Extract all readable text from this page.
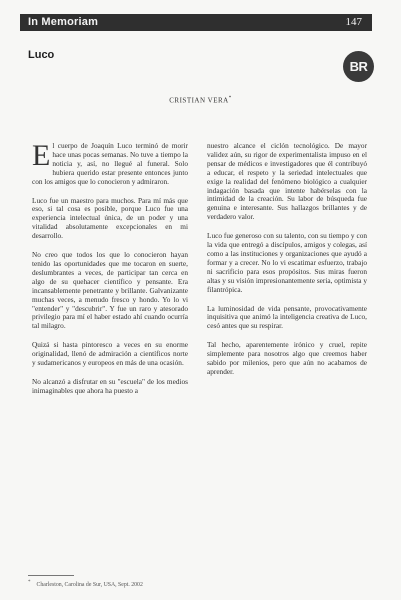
In Memoriam	147
Luco
BR
CRISTIAN VERA*

El cuerpo de Joaquín Luco terminó de morir hace unas pocas semanas. No tuve a tiempo la noticia y, así, no llegué al funeral. Solo hubiera querido estar presente entonces junto con los amigos que lo conocieron y admiraron.

Luco fue un maestro para muchos. Para mí más que eso, si tal cosa es posible, porque Luco fue una experiencia intelectual única, de un poder y una vitalidad absolutamente excepcionales en mi desarrollo.

No creo que todos los que lo conocieron hayan tenido las oportunidades que me tocaron en suerte, deslumbrantes a veces, de participar tan cerca en algo de su quehacer científico y pensante. Era incansablemente penetrante y brillante. Galvanizante muchas veces, a menudo fresco y hondo. Yo lo vi "entender" y "descubrir". Y fue un raro y atesorado privilegio para mí el haber estado ahí cuando ocurría tal milagro.

Quizá si hasta pintoresco a veces en su enorme originalidad, llenó de admiración a científicos norte y sudamericanos y europeos en más de una ocasión.

No alcanzó a disfrutar en su "escuela" de los medios inimaginables que ahora ha puesto a

nuestro alcance el ciclón tecnológico. De mayor validez aún, su rigor de experimentalista impuso en el pensar de médicos e investigadores que él contribuyó a educar, el respeto y la seriedad intelectuales que exige la realidad del fenómeno biológico a cualquier indagación basada que intente habérselas con la intimidad de la creación. Su labor de búsqueda fue genuina e interesante. Sus hallazgos brillantes y de verdadero valor.

Luco fue generoso con su talento, con su tiempo y con la vida que entregó a discípulos, amigos y colegas, así como a las instituciones y organizaciones que ayudó a formar y a crecer. No lo vi escatimar esfuerzo, trabajo ni sacrificio para esos propósitos. Sus miras fueron altas y su visión impresionantemente seria, optimista y filantrópica.

La luminosidad de vida pensante, provocativamente inquisitiva que animó la inteligencia creativa de Luco, cesó antes que su respirar.

Tal hecho, aparentemente irónico y cruel, repite simplemente para nosotros algo que creemos haber sabido por milenios, pero que aún no acabamos de aprender.

* Charleston, Carolina de Sur, USA, Sept. 2002
